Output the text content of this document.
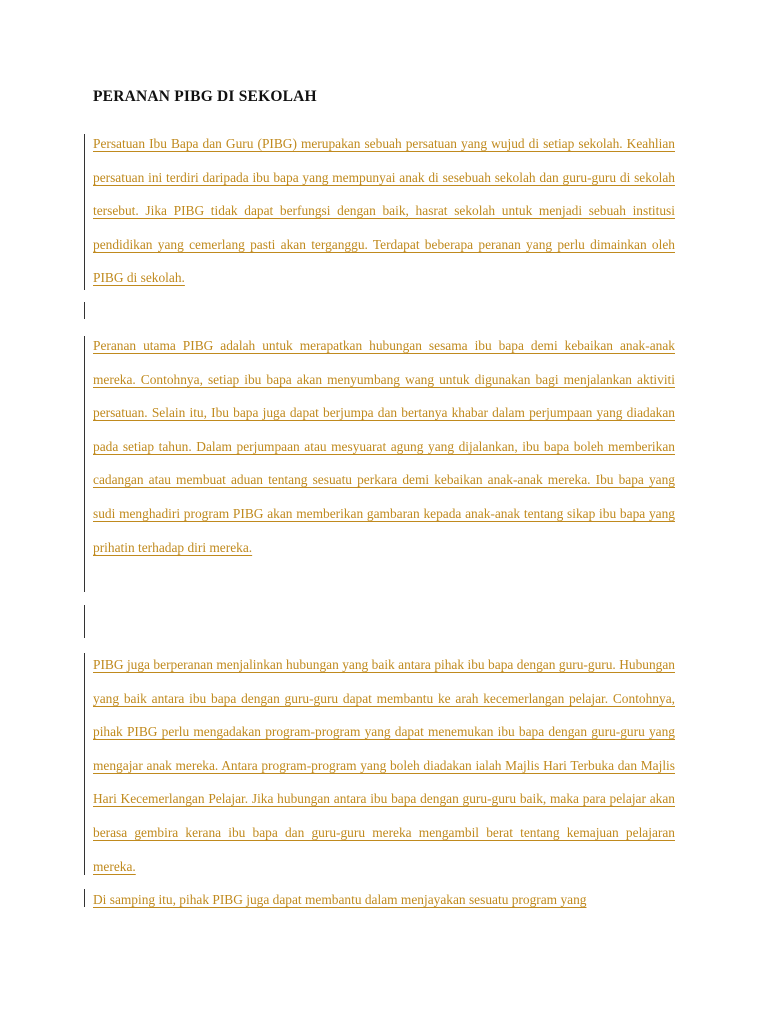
PERANAN PIBG DI SEKOLAH

Persatuan Ibu Bapa dan Guru (PIBG) merupakan sebuah persatuan yang wujud di setiap sekolah. Keahlian persatuan ini terdiri daripada ibu bapa yang mempunyai anak di sesebuah sekolah dan guru-guru di sekolah tersebut. Jika PIBG tidak dapat berfungsi dengan baik, hasrat sekolah untuk menjadi sebuah institusi pendidikan yang cemerlang pasti akan terganggu. Terdapat beberapa peranan yang perlu dimainkan oleh PIBG di sekolah.

Peranan utama PIBG adalah untuk merapatkan hubungan sesama ibu bapa demi kebaikan anak-anak mereka. Contohnya, setiap ibu bapa akan menyumbang wang untuk digunakan bagi menjalankan aktiviti persatuan. Selain itu, Ibu bapa juga dapat berjumpa dan bertanya khabar dalam perjumpaan yang diadakan pada setiap tahun. Dalam perjumpaan atau mesyuarat agung yang dijalankan, ibu bapa boleh memberikan cadangan atau membuat aduan tentang sesuatu perkara demi kebaikan anak-anak mereka. Ibu bapa yang sudi menghadiri program PIBG akan memberikan gambaran kepada anak-anak tentang sikap ibu bapa yang prihatin terhadap diri mereka.

PIBG juga berperanan menjalinkan hubungan yang baik antara pihak ibu bapa dengan guru-guru. Hubungan yang baik antara ibu bapa dengan guru-guru dapat membantu ke arah kecemerlangan pelajar. Contohnya, pihak PIBG perlu mengadakan program-program yang dapat menemukan ibu bapa dengan guru-guru yang mengajar anak mereka. Antara program-program yang boleh diadakan ialah Majlis Hari Terbuka dan Majlis Hari Kecemerlangan Pelajar. Jika hubungan antara ibu bapa dengan guru-guru baik, maka para pelajar akan berasa gembira kerana ibu bapa dan guru-guru mereka mengambil berat tentang kemajuan pelajaran mereka.

Di samping itu, pihak PIBG juga dapat membantu dalam menjayakan sesuatu program yang
